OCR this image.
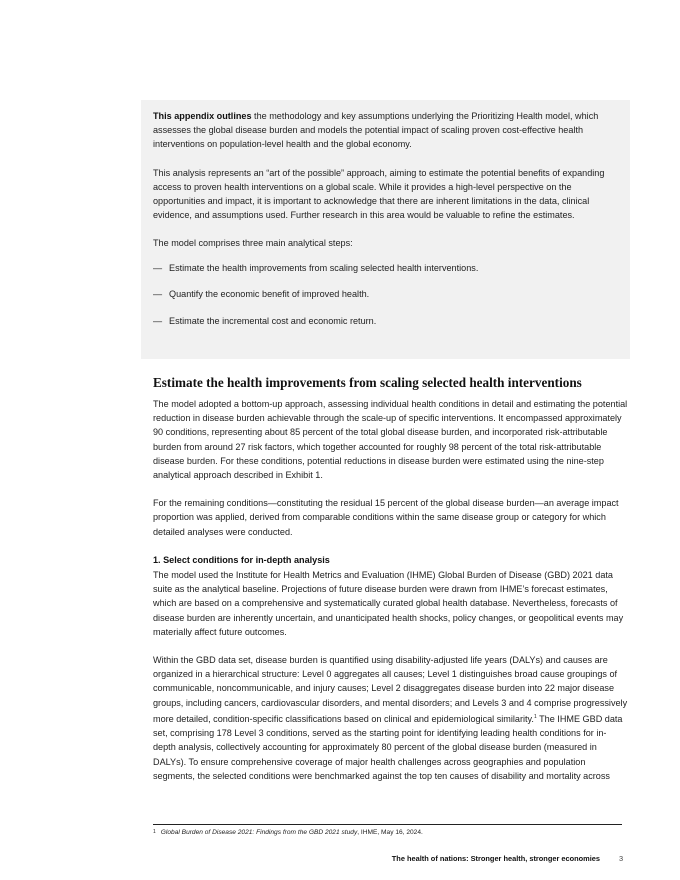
This appendix outlines the methodology and key assumptions underlying the Prioritizing Health model, which assesses the global disease burden and models the potential impact of scaling proven cost-effective health interventions on population-level health and the global economy.

This analysis represents an “art of the possible” approach, aiming to estimate the potential benefits of expanding access to proven health interventions on a global scale. While it provides a high-level perspective on the opportunities and impact, it is important to acknowledge that there are inherent limitations in the data, clinical evidence, and assumptions used. Further research in this area would be valuable to refine the estimates.

The model comprises three main analytical steps:

— Estimate the health improvements from scaling selected health interventions.
— Quantify the economic benefit of improved health.
— Estimate the incremental cost and economic return.
Estimate the health improvements from scaling selected health interventions

The model adopted a bottom-up approach, assessing individual health conditions in detail and estimating the potential reduction in disease burden achievable through the scale-up of specific interventions. It encompassed approximately 90 conditions, representing about 85 percent of the total global disease burden, and incorporated risk-attributable burden from around 27 risk factors, which together accounted for roughly 98 percent of the total risk-attributable disease burden. For these conditions, potential reductions in disease burden were estimated using the nine-step analytical approach described in Exhibit 1.

For the remaining conditions—constituting the residual 15 percent of the global disease burden—an average impact proportion was applied, derived from comparable conditions within the same disease group or category for which detailed analyses were conducted.

1. Select conditions for in-depth analysis

The model used the Institute for Health Metrics and Evaluation (IHME) Global Burden of Disease (GBD) 2021 data suite as the analytical baseline. Projections of future disease burden were drawn from IHME’s forecast estimates, which are based on a comprehensive and systematically curated global health database. Nevertheless, forecasts of disease burden are inherently uncertain, and unanticipated health shocks, policy changes, or geopolitical events may materially affect future outcomes.

Within the GBD data set, disease burden is quantified using disability-adjusted life years (DALYs) and causes are organized in a hierarchical structure: Level 0 aggregates all causes; Level 1 distinguishes broad cause groupings of communicable, noncommunicable, and injury causes; Level 2 disaggregates disease burden into 22 major disease groups, including cancers, cardiovascular disorders, and mental disorders; and Levels 3 and 4 comprise progressively more detailed, condition-specific classifications based on clinical and epidemiological similarity.$^1$ The IHME GBD data set, comprising 178 Level 3 conditions, served as the starting point for identifying leading health conditions for in-depth analysis, collectively accounting for approximately 80 percent of the global disease burden (measured in DALYs). To ensure comprehensive coverage of major health challenges across geographies and population segments, the selected conditions were benchmarked against the top ten causes of disability and mortality across

$^1$ Global Burden of Disease 2021: Findings from the GBD 2021 study, IHME, May 16, 2024.
The health of nations: Stronger health, stronger economies	3
